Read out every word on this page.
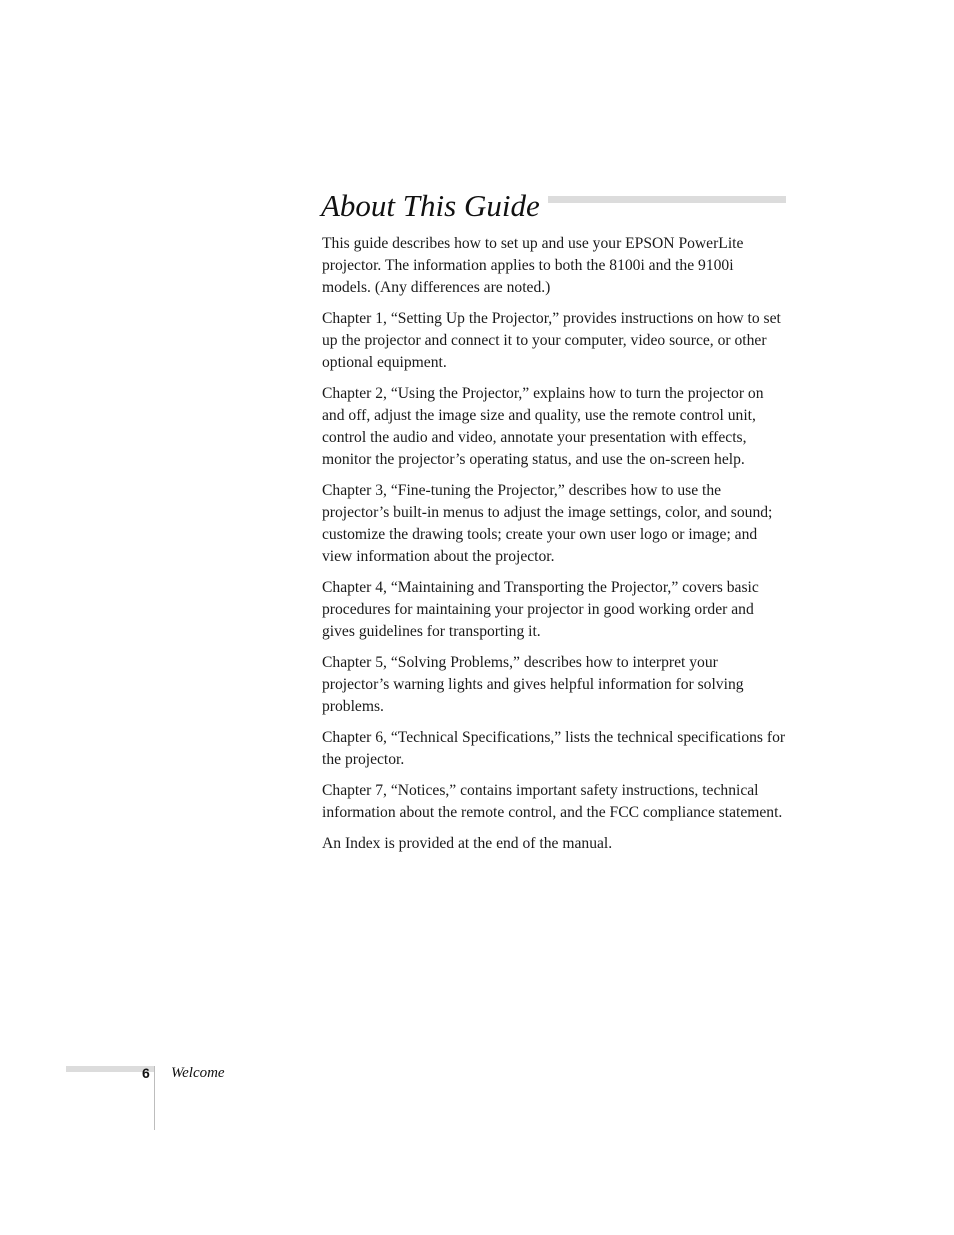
About This Guide

This guide describes how to set up and use your EPSON PowerLite projector. The information applies to both the 8100i and the 9100i models. (Any differences are noted.)

Chapter 1, “Setting Up the Projector,” provides instructions on how to set up the projector and connect it to your computer, video source, or other optional equipment.

Chapter 2, “Using the Projector,” explains how to turn the projector on and off, adjust the image size and quality, use the remote control unit, control the audio and video, annotate your presentation with effects, monitor the projector’s operating status, and use the on-screen help.

Chapter 3, “Fine-tuning the Projector,” describes how to use the projector’s built-in menus to adjust the image settings, color, and sound; customize the drawing tools; create your own user logo or image; and view information about the projector.

Chapter 4, “Maintaining and Transporting the Projector,” covers basic procedures for maintaining your projector in good working order and gives guidelines for transporting it.

Chapter 5, “Solving Problems,” describes how to interpret your projector’s warning lights and gives helpful information for solving problems.

Chapter 6, “Technical Specifications,” lists the technical specifications for the projector.

Chapter 7, “Notices,” contains important safety instructions, technical information about the remote control, and the FCC compliance statement.

An Index is provided at the end of the manual.

6 Welcome
